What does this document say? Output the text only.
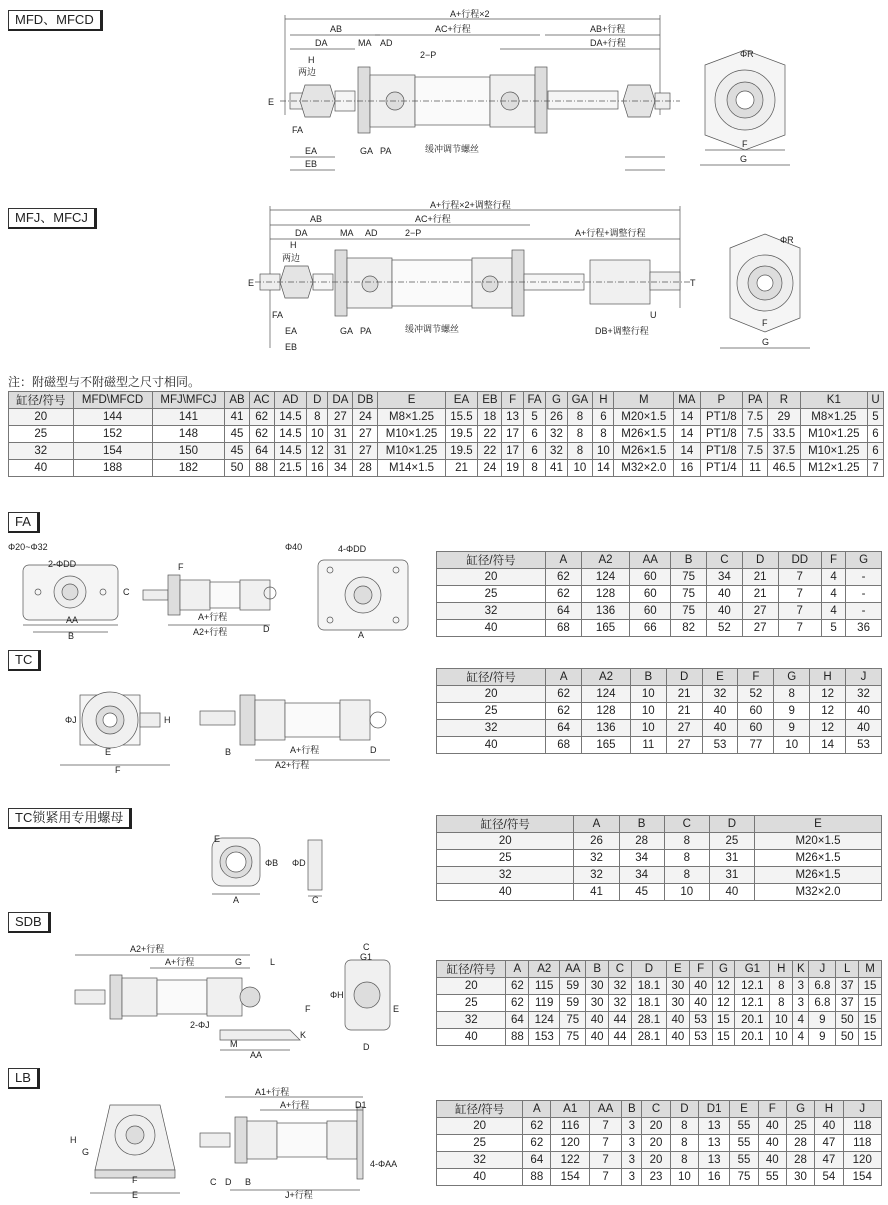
MFD、MFCD
MFJ、MFCJ
FA
TC
TC锁紧用专用螺母
SDB
LB
A+行程×2
AB	AC+行程	AB+行程
DA	MA AD	DA+行程
H
两边
2−P
E
FA
EA
EB
GA PA	缓冲调节螺丝
ΦR
F
G
A+行程×2+调整行程
AB	AC+行程
A+行程+调整行程
DA	MA AD	2−P
H
两边
E
FA
EA
EB
GA PA	缓冲调节螺丝
U
T
DB+调整行程
ΦR
F
G
注：附磁型与不附磁型之尺寸相同。
缸径/符号	MFD\MFCD	MFJ\MFCJ	AB	AC	AD	D	DA	DB	E	EA	EB	F	FA	G	GA	H	M	MA	P	PA	R	K1	U
20	144	141	41	62	14.5	8	27	24	M8×1.25	15.5	18	13	5	26	8	6	M20×1.5	14	PT1/8	7.5	29	M8×1.25	5
25	152	148	45	62	14.5	10	31	27	M10×1.25	19.5	22	17	6	32	8	8	M26×1.5	14	PT1/8	7.5	33.5	M10×1.25	6
32	154	150	45	64	14.5	12	31	27	M10×1.25	19.5	22	17	6	32	8	10	M26×1.5	14	PT1/8	7.5	37.5	M10×1.25	6
40	188	182	50	88	21.5	16	34	28	M14×1.5	21	24	19	8	41	10	14	M32×2.0	16	PT1/4	11	46.5	M12×1.25	7
Φ20~Φ32	Φ40
2-ΦDD
4-ΦDD
AA
B
C
F
A+行程
A2+行程	D
A
缸径/符号	A	A2	AA	B	C	D	DD	F	G
20	62	124	60	75	34	21	7	4	-
25	62	128	60	75	40	21	7	4	-
32	64	136	60	75	40	27	7	4	-
40	68	165	66	82	52	27	7	5	36
ΦJ	H
E
F
B	A+行程
A2+行程
D
缸径/符号	A	A2	B	D	E	F	G	H	J
20	62	124	10	21	32	52	8	12	32
25	62	128	10	21	40	60	9	12	40
32	64	136	10	27	40	60	9	12	40
40	68	165	11	27	53	77	10	14	53
E
ΦB ΦD
A	C
缸径/符号	A	B	C	D	E
20	26	28	8	25	M20×1.5
25	32	34	8	31	M26×1.5
32	32	34	8	31	M26×1.5
40	41	45	10	40	M32×2.0
A2+行程
A+行程	G	L
2-ΦJ
M
AA
F
K
C
G1
ΦH
E
D
缸径/符号	A	A2	AA	B	C	D	E	F	G	G1	H	K	J	L	M
20	62	115	59	30	32	18.1	30	40	12	12.1	8	3	6.8	37	15
25	62	119	59	30	32	18.1	30	40	12	12.1	8	3	6.8	37	15
32	64	124	75	40	44	28.1	40	53	15	20.1	10	4	9	50	15
40	88	153	75	40	44	28.1	40	53	15	20.1	10	4	9	50	15
H
G
F
E
A1+行程
A+行程	D1
C D B
J+行程
4-ΦAA
缸径/符号	A	A1	AA	B	C	D	D1	E	F	G	H	J
20	62	116	7	3	20	8	13	55	40	25	40	118
25	62	120	7	3	20	8	13	55	40	28	47	118
32	64	122	7	3	20	8	13	55	40	28	47	120
40	88	154	7	3	23	10	16	75	55	30	54	154
